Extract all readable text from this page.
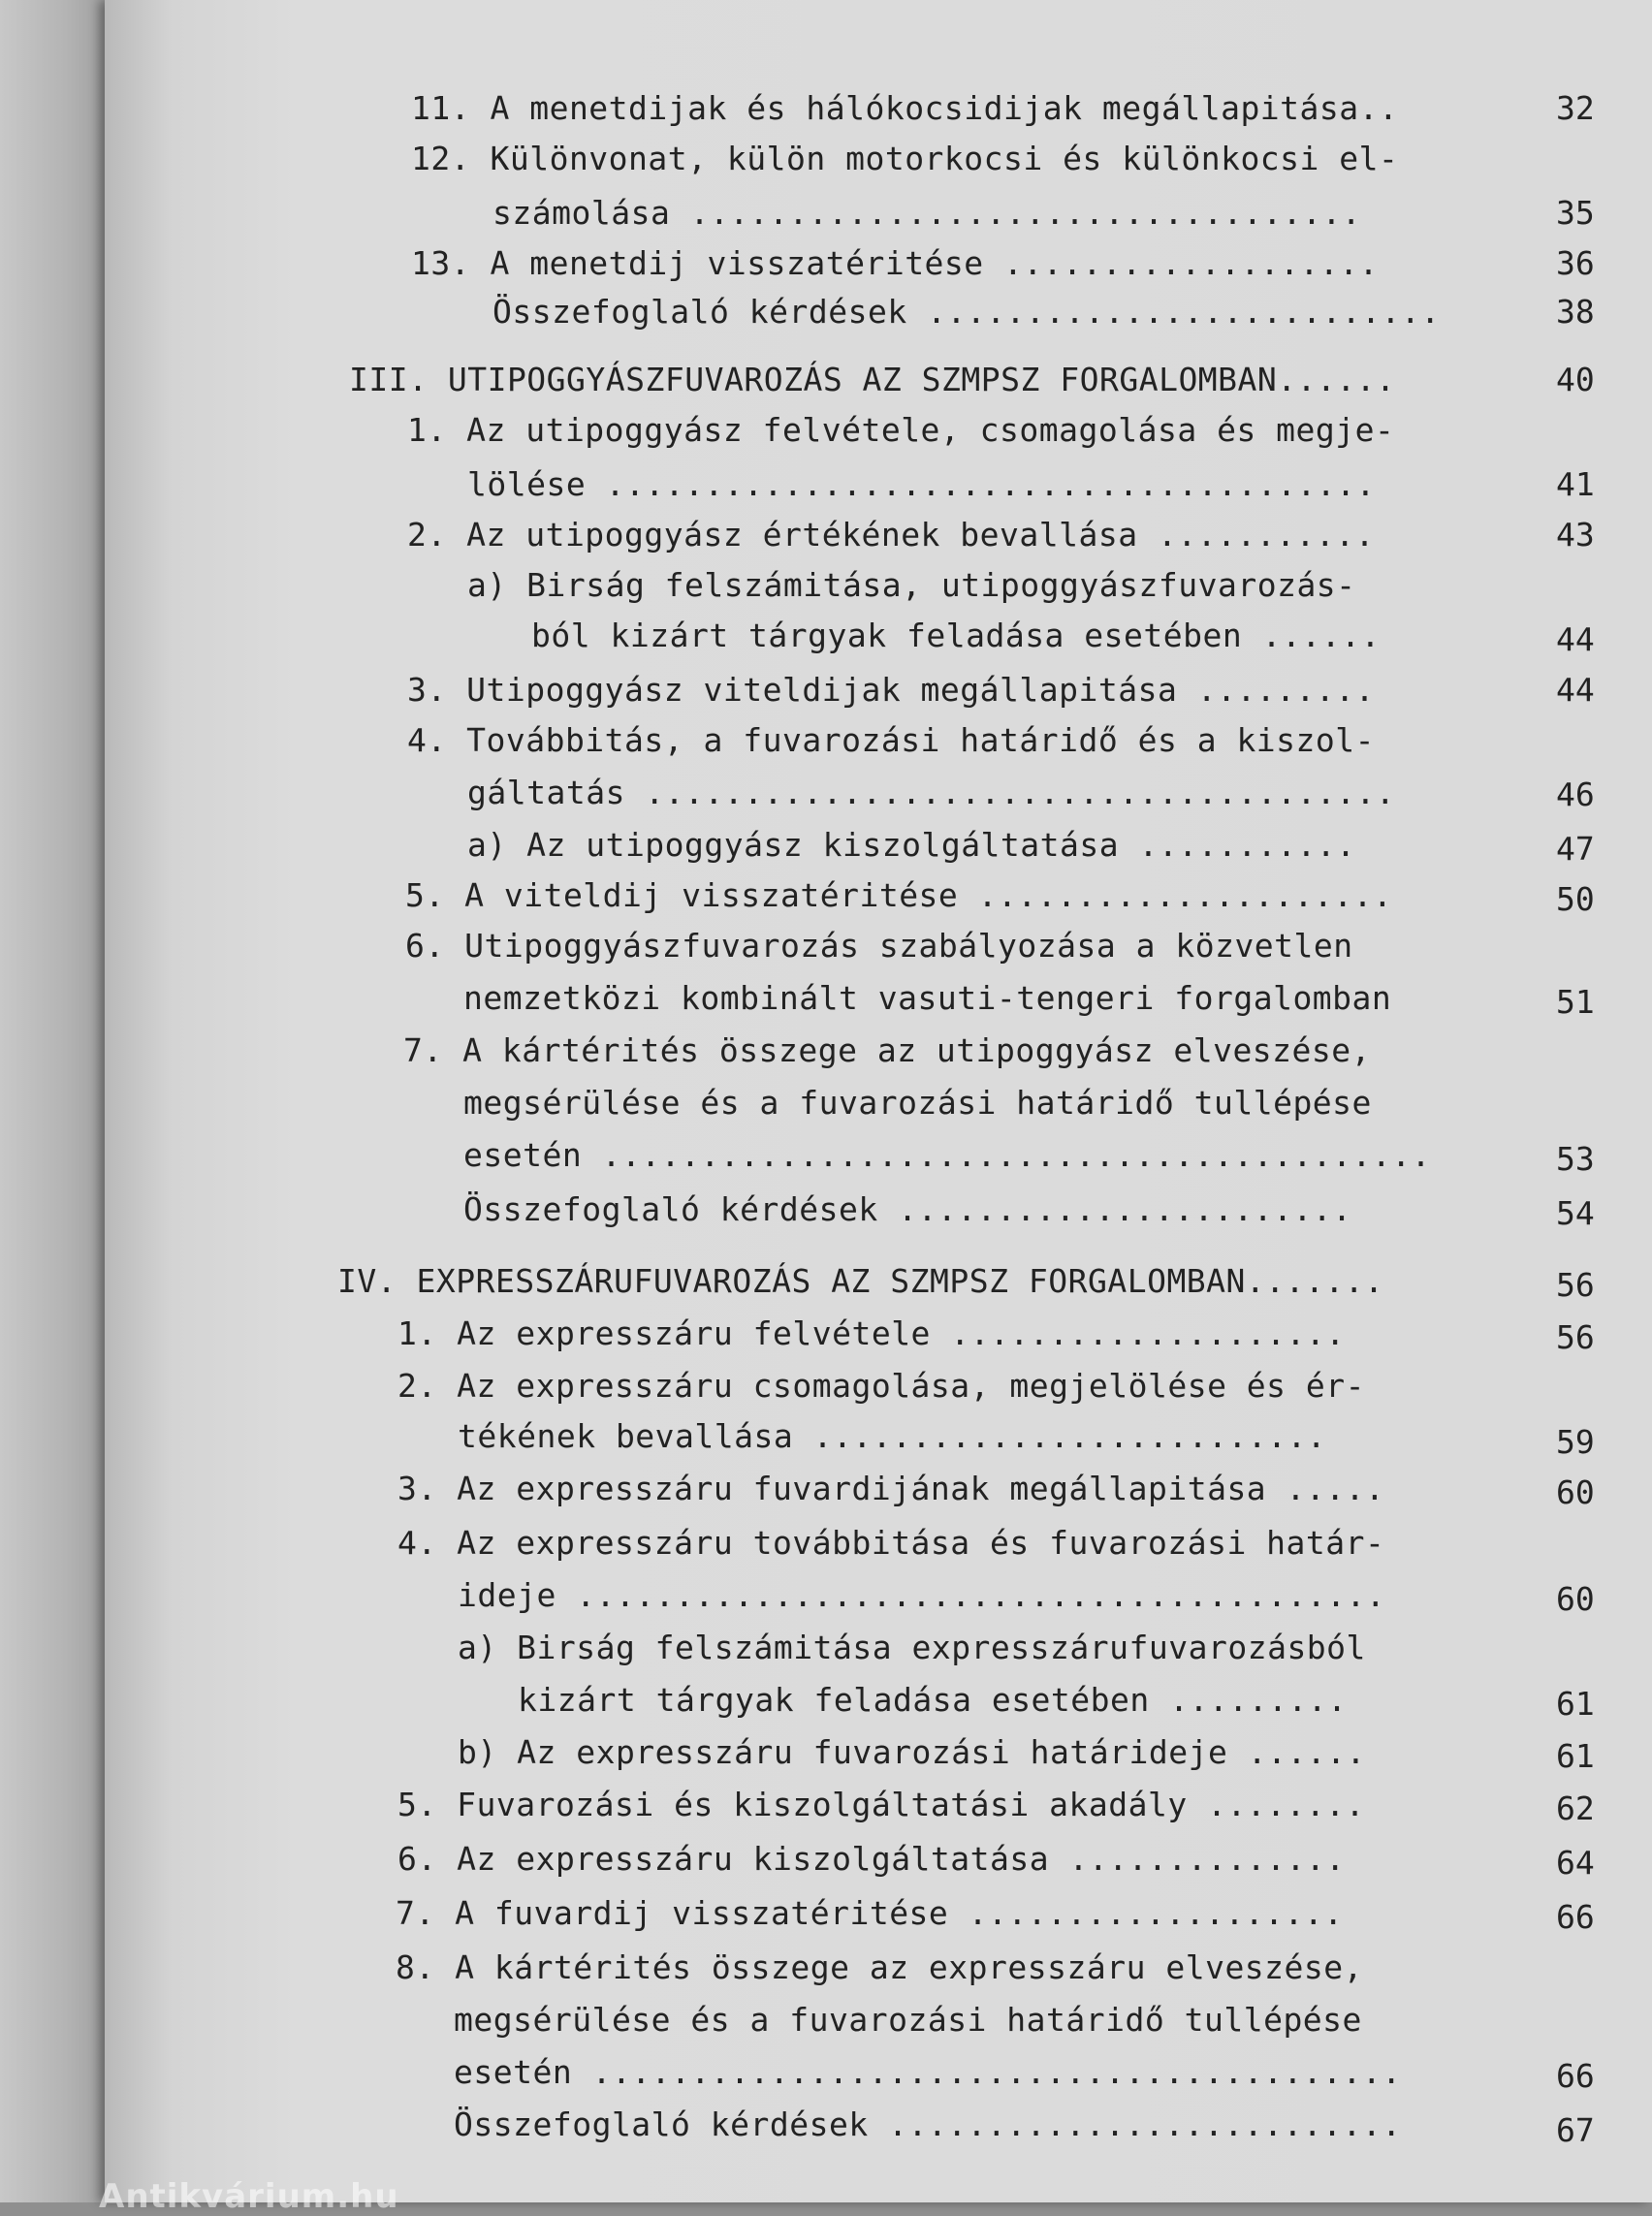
11. A menetdijak és hálókocsidijak megállapitása..	32
12. Különvonat, külön motorkocsi és különkocsi el-
számolása ..................................	35
13. A menetdij visszatéritése ...................	36
Összefoglaló kérdések ..........................	38
III. UTIPOGGYÁSZFUVAROZÁS AZ SZMPSZ FORGALOMBAN......	40
1. Az utipoggyász felvétele, csomagolása és megje-
lölése .......................................	41
2. Az utipoggyász értékének bevallása ...........	43
a) Birság felszámitása, utipoggyászfuvarozás-
ból kizárt tárgyak feladása esetében ......	44
3. Utipoggyász viteldijak megállapitása .........	44
4. Továbbitás, a fuvarozási határidő és a kiszol-
gáltatás ......................................	46
a) Az utipoggyász kiszolgáltatása ...........	47
5. A viteldij visszatéritése .....................	50
6. Utipoggyászfuvarozás szabályozása a közvetlen
nemzetközi kombinált vasuti-tengeri forgalomban	51
7. A kártérités összege az utipoggyász elveszése,
megsérülése és a fuvarozási határidő tullépése
esetén ..........................................	53
Összefoglaló kérdések .......................	54
IV. EXPRESSZÁRUFUVAROZÁS AZ SZMPSZ FORGALOMBAN.......	56
1. Az expresszáru felvétele ....................	56
2. Az expresszáru csomagolása, megjelölése és ér-
tékének bevallása ..........................	59
3. Az expresszáru fuvardijának megállapitása .....	60
4. Az expresszáru továbbitása és fuvarozási határ-
ideje .........................................	60
a) Birság felszámitása expresszárufuvarozásból
kizárt tárgyak feladása esetében .........	61
b) Az expresszáru fuvarozási határideje ......	61
5. Fuvarozási és kiszolgáltatási akadály ........	62
6. Az expresszáru kiszolgáltatása ..............	64
7. A fuvardij visszatéritése ...................	66
8. A kártérités összege az expresszáru elveszése,
megsérülése és a fuvarozási határidő tullépése
esetén .........................................	66
Összefoglaló kérdések ..........................	67
Antikvárium.hu
